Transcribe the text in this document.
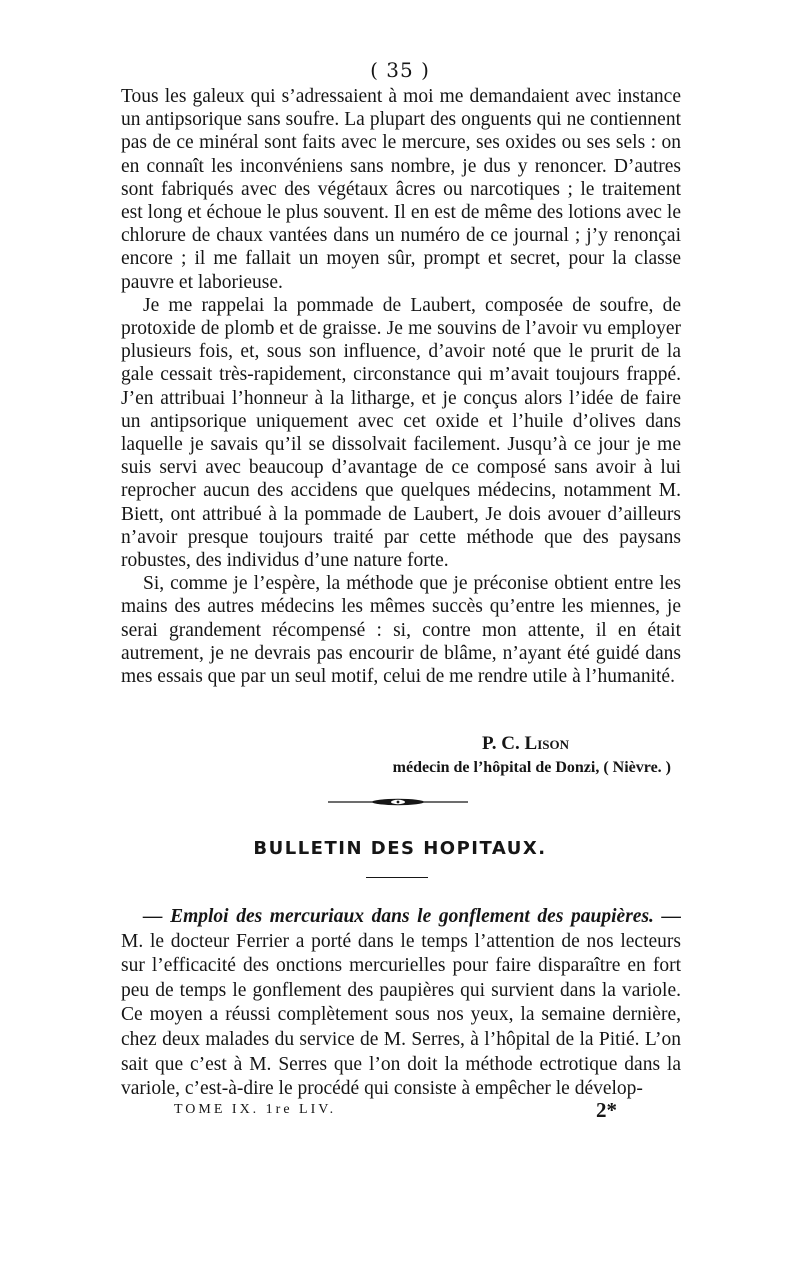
( 35 )

Tous les galeux qui s’adressaient à moi me demandaient avec instance un antipsorique sans soufre. La plupart des onguents qui ne contiennent pas de ce minéral sont faits avec le mercure, ses oxides ou ses sels : on en connaît les inconvéniens sans nombre, je dus y renoncer. D’autres sont fabriqués avec des végétaux âcres ou narcotiques ; le traitement est long et échoue le plus souvent. Il en est de même des lotions avec le chlorure de chaux vantées dans un numéro de ce journal ; j’y renonçai encore ; il me fallait un moyen sûr, prompt et secret, pour la classe pauvre et laborieuse.

Je me rappelai la pommade de Laubert, composée de soufre, de protoxide de plomb et de graisse. Je me souvins de l’avoir vu employer plusieurs fois, et, sous son influence, d’avoir noté que le prurit de la gale cessait très-rapidement, circonstance qui m’avait toujours frappé. J’en attribuai l’honneur à la litharge, et je conçus alors l’idée de faire un antipsorique uniquement avec cet oxide et l’huile d’olives dans laquelle je savais qu’il se dissolvait facilement. Jusqu’à ce jour je me suis servi avec beaucoup d’avantage de ce composé sans avoir à lui reprocher aucun des accidens que quelques médecins, notamment M. Biett, ont attribué à la pommade de Laubert, Je dois avouer d’ailleurs n’avoir presque toujours traité par cette méthode que des paysans robustes, des individus d’une nature forte.

Si, comme je l’espère, la méthode que je préconise obtient entre les mains des autres médecins les mêmes succès qu’entre les miennes, je serai grandement récompensé : si, contre mon attente, il en était autrement, je ne devrais pas encourir de blâme, n’ayant été guidé dans mes essais que par un seul motif, celui de me rendre utile à l’humanité.

P. C. Lison
médecin de l’hôpital de Donzi, ( Nièvre. )
BULLETIN DES HOPITAUX.

— Emploi des mercuriaux dans le gonflement des paupières. — M. le docteur Ferrier a porté dans le temps l’attention de nos lecteurs sur l’efficacité des onctions mercurielles pour faire disparaître en fort peu de temps le gonflement des paupières qui survient dans la variole. Ce moyen a réussi complètement sous nos yeux, la semaine dernière, chez deux malades du service de M. Serres, à l’hôpital de la Pitié. L’on sait que c’est à M. Serres que l’on doit la méthode ectrotique dans la variole, c’est-à-dire le procédé qui consiste à empêcher le dévelop-

TOME IX. 1re LIV.	2*
